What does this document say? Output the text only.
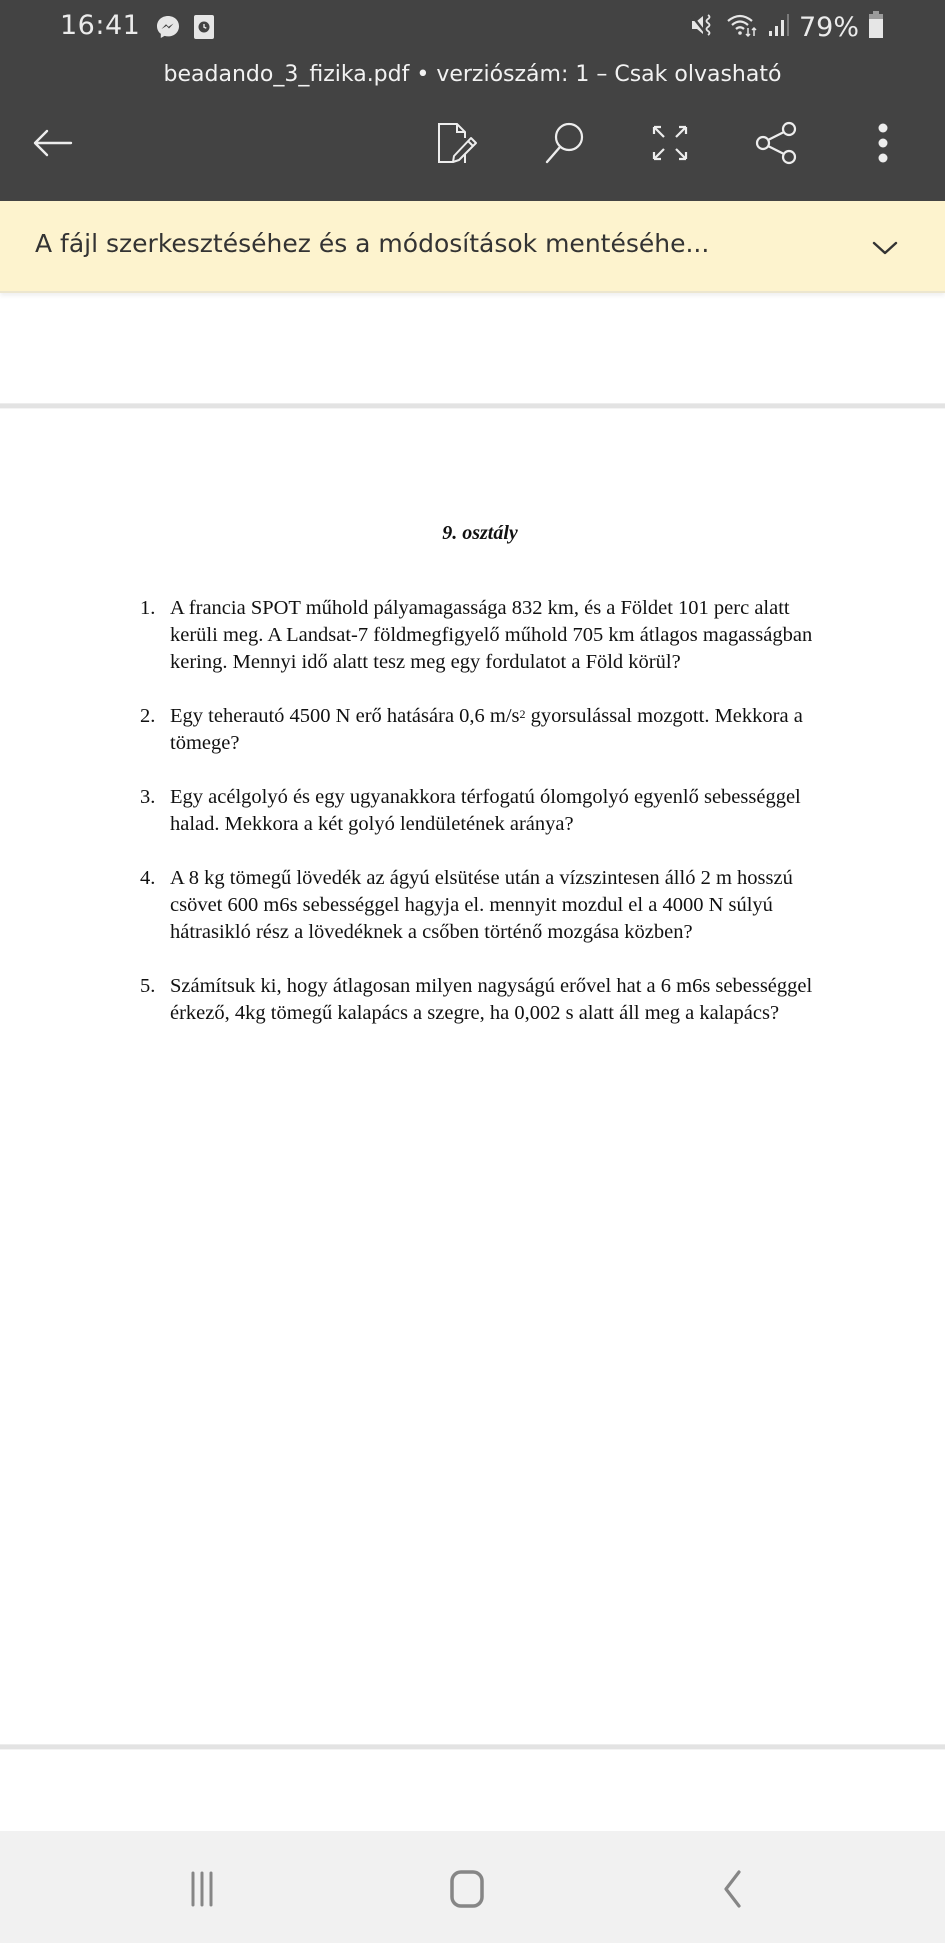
16:41	79%
beadando_3_fizika.pdf • verziószám: 1 – Csak olvasható
A fájl szerkesztéséhez és a módosítások mentéséhe...
9. osztály
1. A francia SPOT műhold pályamagassága 832 km, és a Földet 101 perc alatt kerüli meg. A Landsat-7 földmegfigyelő műhold 705 km átlagos magasságban kering. Mennyi idő alatt tesz meg egy fordulatot a Föld körül?
2. Egy teherautó 4500 N erő hatására 0,6 $m/s^2$ gyorsulással mozgott. Mekkora a tömege?
3. Egy acélgolyó és egy ugyanakkora térfogatú ólomgolyó egyenlő sebességgel halad. Mekkora a két golyó lendületének aránya?
4. A 8 kg tömegű lövedék az ágyú elsütése után a vízszintesen álló 2 m hosszú csövet 600 m6s sebességgel hagyja el. mennyit mozdul el a 4000 N súlyú hátrasikló rész a lövedéknek a csőben történő mozgása közben?
5. Számítsuk ki, hogy átlagosan milyen nagyságú erővel hat a 6 m6s sebességgel érkező, 4kg tömegű kalapács a szegre, ha 0,002 s alatt áll meg a kalapács?
